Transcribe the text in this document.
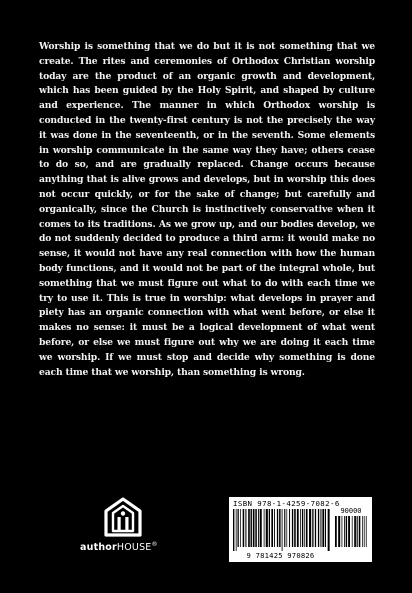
Worship is something that we do but it is not something that we create. The rites and ceremonies of Orthodox Christian worship today are the product of an organic growth and development, which has been guided by the Holy Spirit, and shaped by culture and experience. The manner in which Orthodox worship is conducted in the twenty-first century is not the precisely the way it was done in the seventeenth, or in the seventh. Some elements in worship communicate in the same way they have; others cease to do so, and are gradually replaced. Change occurs because anything that is alive grows and develops, but in worship this does not occur quickly, or for the sake of change; but carefully and organically, since the Church is instinctively conservative when it comes to its traditions. As we grow up, and our bodies develop, we do not suddenly decided to produce a third arm: it would make no sense, it would not have any real connection with how the human body functions, and it would not be part of the integral whole, but something that we must figure out what to do with each time we try to use it. This is true in worship: what develops in prayer and piety has an organic connection with what went before, or else it makes no sense: it must be a logical development of what went before, or else we must figure out why we are doing it each time we worship. If we must stop and decide why something is done each time that we worship, than something is wrong.

authorHOUSE®
ISBN 978-1-4259-7082-6
90000
9 781425 970826
